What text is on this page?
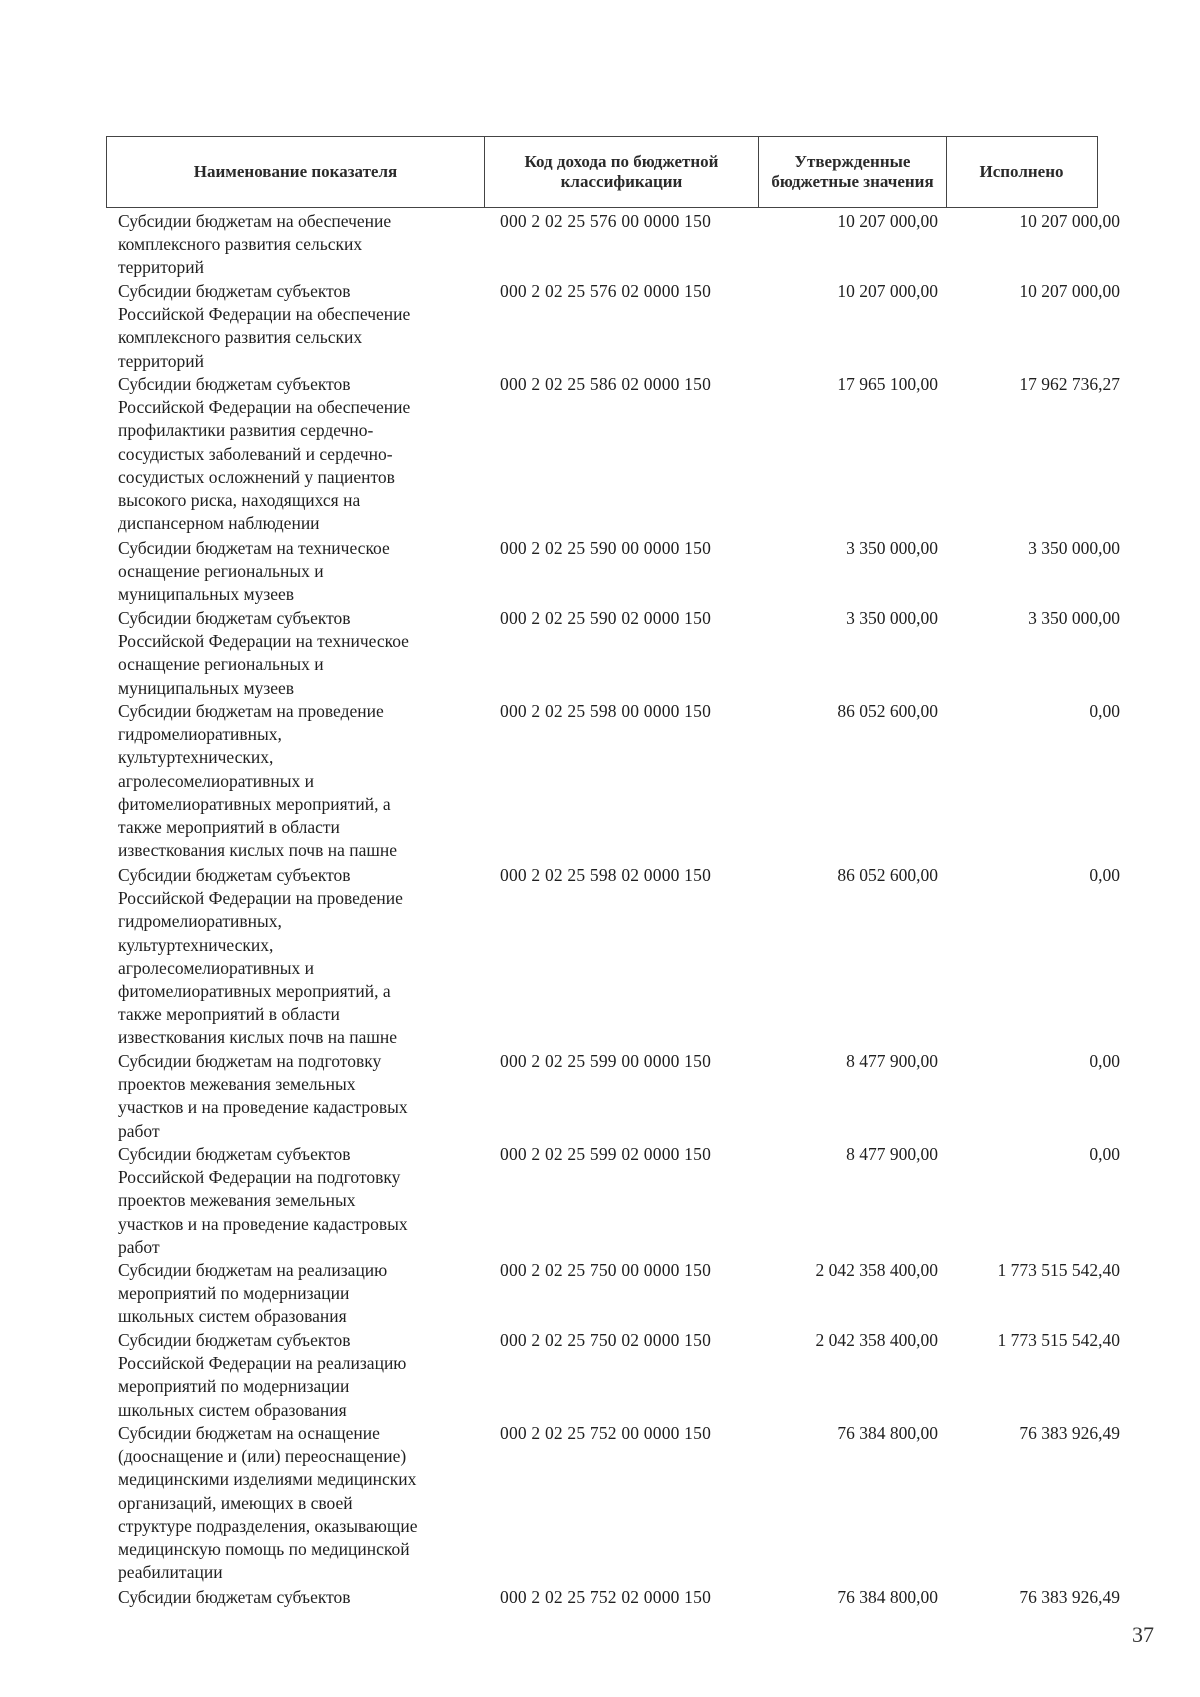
Наименование показателя
Код дохода по бюджетной классификации
Утвержденные бюджетные значения
Исполнено
Субсидии бюджетам на обеспечение
комплексного развития сельских
территорий
000 2 02 25 576 00 0000 150	10 207 000,00	10 207 000,00
Субсидии бюджетам субъектов
Российской Федерации на обеспечение
комплексного развития сельских
территорий
000 2 02 25 576 02 0000 150	10 207 000,00	10 207 000,00
Субсидии бюджетам субъектов
Российской Федерации на обеспечение
профилактики развития сердечно-
сосудистых заболеваний и сердечно-
сосудистых осложнений у пациентов
высокого риска, находящихся на
диспансерном наблюдении
000 2 02 25 586 02 0000 150	17 965 100,00	17 962 736,27
Субсидии бюджетам на техническое
оснащение региональных и
муниципальных музеев
000 2 02 25 590 00 0000 150	3 350 000,00	3 350 000,00
Субсидии бюджетам субъектов
Российской Федерации на техническое
оснащение региональных и
муниципальных музеев
000 2 02 25 590 02 0000 150	3 350 000,00	3 350 000,00
Субсидии бюджетам на проведение
гидромелиоративных,
культуртехнических,
агролесомелиоративных и
фитомелиоративных мероприятий, а
также мероприятий в области
известкования кислых почв на пашне
000 2 02 25 598 00 0000 150	86 052 600,00	0,00
Субсидии бюджетам субъектов
Российской Федерации на проведение
гидромелиоративных,
культуртехнических,
агролесомелиоративных и
фитомелиоративных мероприятий, а
также мероприятий в области
известкования кислых почв на пашне
000 2 02 25 598 02 0000 150	86 052 600,00	0,00
Субсидии бюджетам на подготовку
проектов межевания земельных
участков и на проведение кадастровых
работ
000 2 02 25 599 00 0000 150	8 477 900,00	0,00
Субсидии бюджетам субъектов
Российской Федерации на подготовку
проектов межевания земельных
участков и на проведение кадастровых
работ
000 2 02 25 599 02 0000 150	8 477 900,00	0,00
Субсидии бюджетам на реализацию
мероприятий по модернизации
школьных систем образования
000 2 02 25 750 00 0000 150	2 042 358 400,00	1 773 515 542,40
Субсидии бюджетам субъектов
Российской Федерации на реализацию
мероприятий по модернизации
школьных систем образования
000 2 02 25 750 02 0000 150	2 042 358 400,00	1 773 515 542,40
Субсидии бюджетам на оснащение
(дооснащение и (или) переоснащение)
медицинскими изделиями медицинских
организаций, имеющих в своей
структуре подразделения, оказывающие
медицинскую помощь по медицинской
реабилитации
000 2 02 25 752 00 0000 150	76 384 800,00	76 383 926,49
Субсидии бюджетам субъектов	000 2 02 25 752 02 0000 150	76 384 800,00	76 383 926,49
37
